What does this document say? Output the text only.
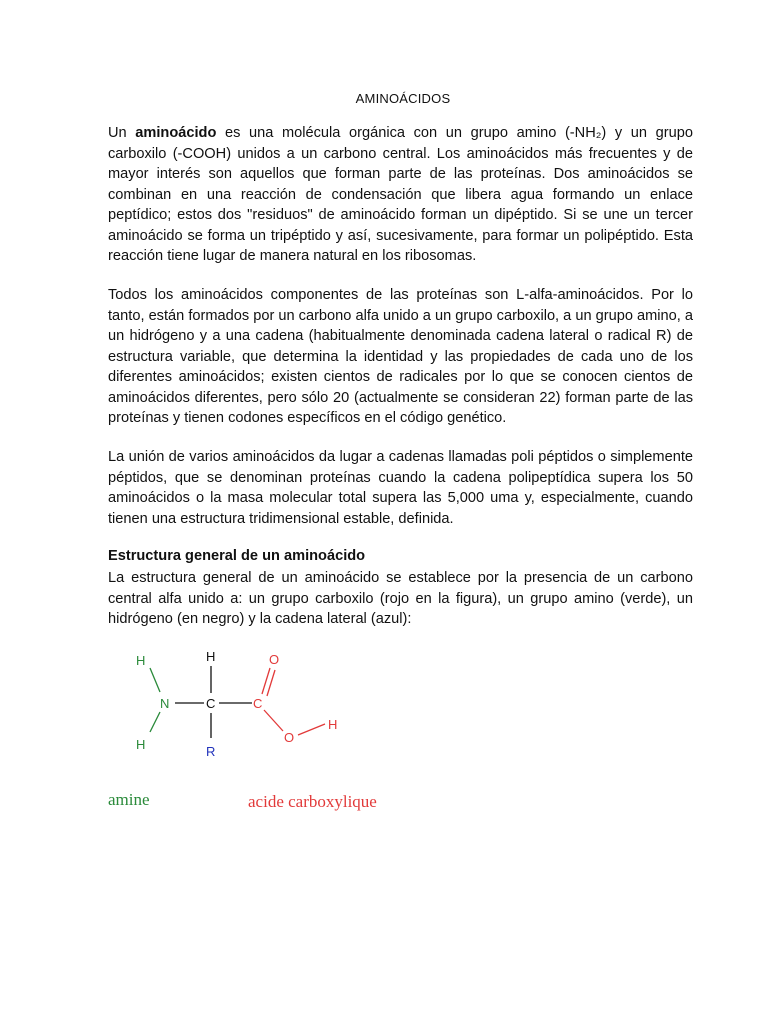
AMINOÁCIDOS

Un aminoácido es una molécula orgánica con un grupo amino (-NH₂) y un grupo carboxilo (-COOH) unidos a un carbono central. Los aminoácidos más frecuentes y de mayor interés son aquellos que forman parte de las proteínas. Dos aminoácidos se combinan en una reacción de condensación que libera agua formando un enlace peptídico; estos dos "residuos" de aminoácido forman un dipéptido. Si se une un tercer aminoácido se forma un tripéptido y así, sucesivamente, para formar un polipéptido. Esta reacción tiene lugar de manera natural en los ribosomas.

Todos los aminoácidos componentes de las proteínas son L-alfa-aminoácidos. Por lo tanto, están formados por un carbono alfa unido a un grupo carboxilo, a un grupo amino, a un hidrógeno y a una cadena (habitualmente denominada cadena lateral o radical R) de estructura variable, que determina la identidad y las propiedades de cada uno de los diferentes aminoácidos; existen cientos de radicales por lo que se conocen cientos de aminoácidos diferentes, pero sólo 20 (actualmente se consideran 22) forman parte de las proteínas y tienen codones específicos en el código genético.

La unión de varios aminoácidos da lugar a cadenas llamadas poli péptidos o simplemente péptidos, que se denominan proteínas cuando la cadena polipeptídica supera los 50 aminoácidos o la masa molecular total supera las 5,000 uma y, especialmente, cuando tienen una estructura tridimensional estable, definida.

Estructura general de un aminoácido

La estructura general de un aminoácido se establece por la presencia de un carbono central alfa unido a: un grupo carboxilo (rojo en la figura), un grupo amino (verde), un hidrógeno (en negro) y la cadena lateral (azul):

H
N
H
H
C
R
C
O
O
H
amine	acide carboxylique
